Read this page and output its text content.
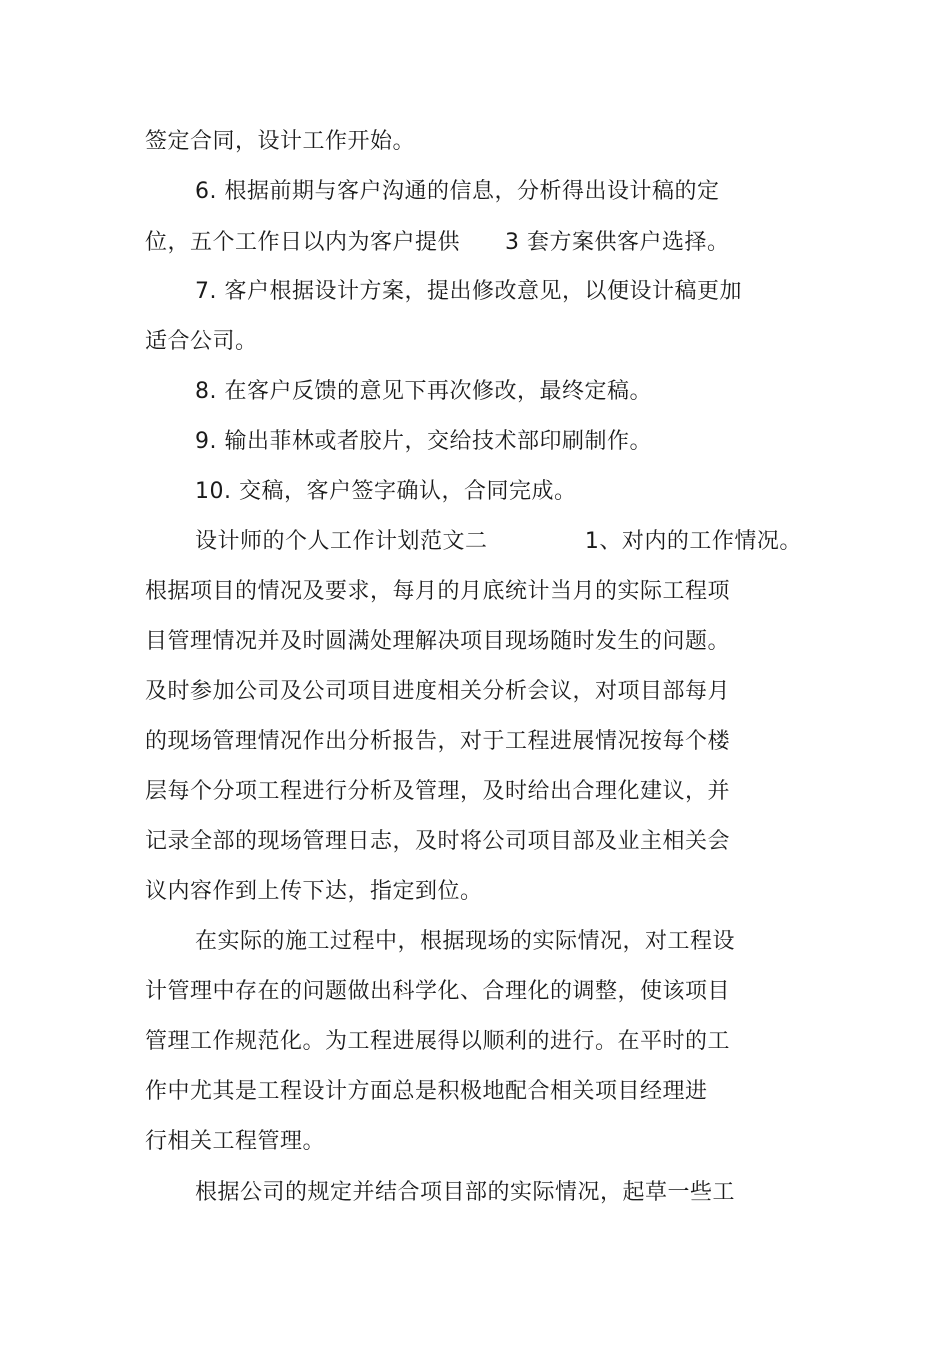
签定合同，设计工作开始。
6. 根据前期与客户沟通的信息，分析得出设计稿的定
位，五个工作日以内为客户提供      3 套方案供客户选择。
7. 客户根据设计方案，提出修改意见，以便设计稿更加
适合公司。
8. 在客户反馈的意见下再次修改，最终定稿。
9. 输出菲林或者胶片，交给技术部印刷制作。
10. 交稿，客户签字确认，合同完成。
设计师的个人工作计划范文二             1、对内的工作情况。
根据项目的情况及要求，每月的月底统计当月的实际工程项
目管理情况并及时圆满处理解决项目现场随时发生的问题。
及时参加公司及公司项目进度相关分析会议，对项目部每月
的现场管理情况作出分析报告，对于工程进展情况按每个楼
层每个分项工程进行分析及管理，及时给出合理化建议，并
记录全部的现场管理日志，及时将公司项目部及业主相关会
议内容作到上传下达，指定到位。
在实际的施工过程中，根据现场的实际情况，对工程设
计管理中存在的问题做出科学化、合理化的调整，使该项目
管理工作规范化。为工程进展得以顺利的进行。在平时的工
作中尤其是工程设计方面总是积极地配合相关项目经理进
行相关工程管理。
根据公司的规定并结合项目部的实际情况，起草一些工
